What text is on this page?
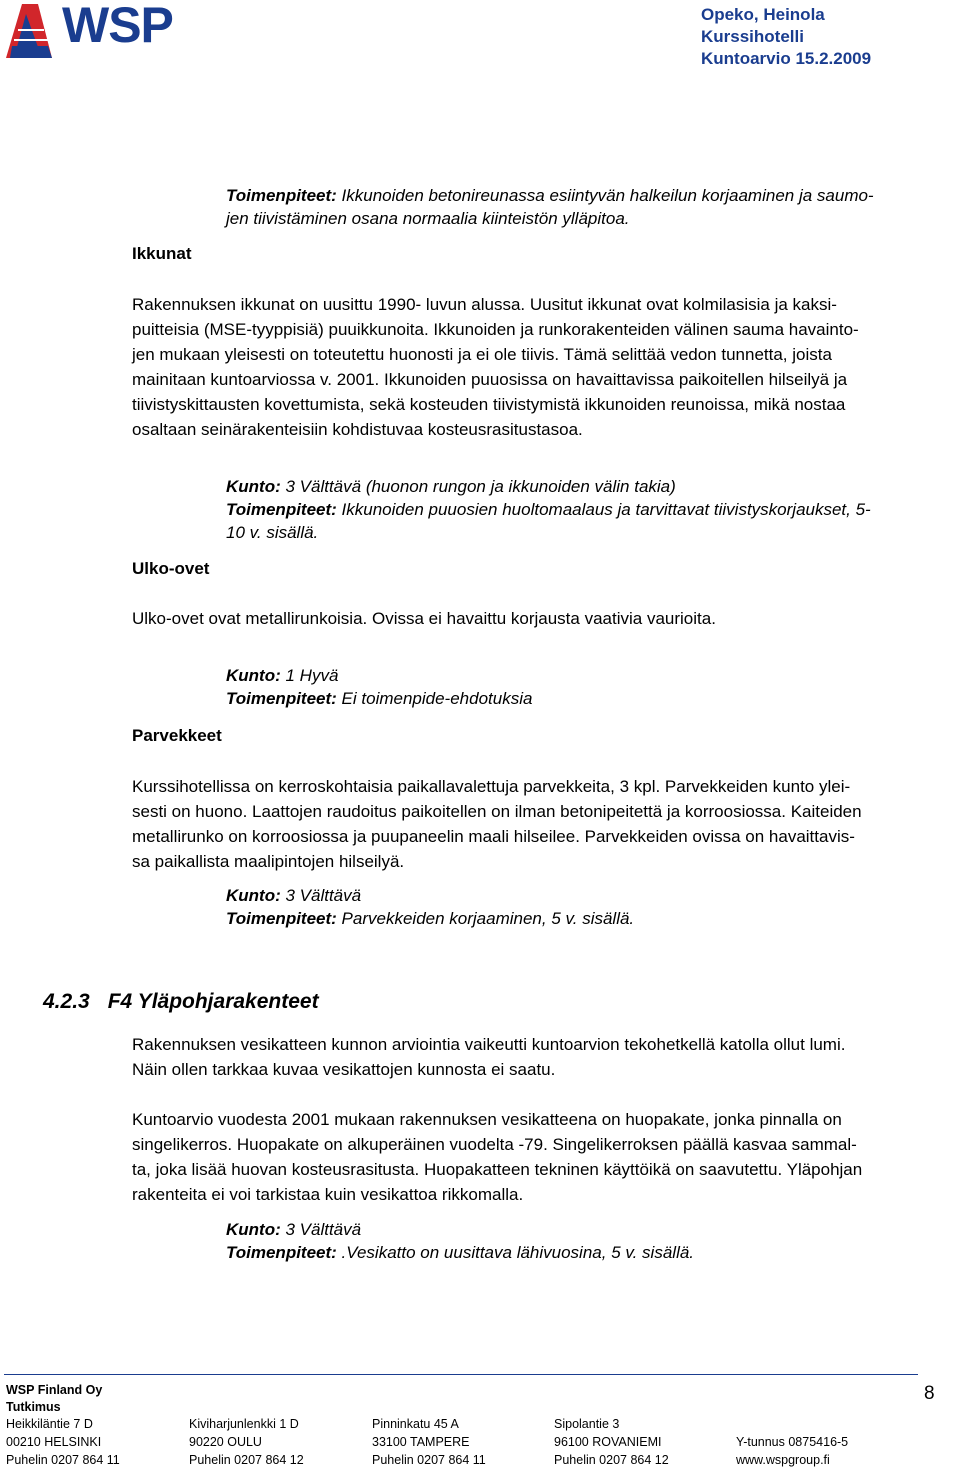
WSP	Opeko, Heinola
Kurssihotelli
Kuntoarvio 15.2.2009
Toimenpiteet: Ikkunoiden betonireunassa esiintyvän halkeilun korjaaminen ja saumo-
jen tiivistäminen osana normaalia kiinteistön ylläpitoa.
Ikkunat
Rakennuksen ikkunat on uusittu 1990- luvun alussa. Uusitut ikkunat ovat kolmilasisia ja kaksi-
puitteisia (MSE-tyyppisiä) puuikkunoita. Ikkunoiden ja runkorakenteiden välinen sauma havainto-
jen mukaan yleisesti on toteutettu huonosti ja ei ole tiivis. Tämä selittää vedon tunnetta, joista
mainitaan kuntoarviossa v. 2001. Ikkunoiden puuosissa on havaittavissa paikoitellen hilseilyä ja
tiivistyskittausten kovettumista, sekä kosteuden tiivistymistä ikkunoiden reunoissa, mikä nostaa
osaltaan seinärakenteisiin kohdistuvaa kosteusrasitustasoa.
Kunto: 3 Välttävä (huonon rungon ja ikkunoiden välin takia)
Toimenpiteet: Ikkunoiden puuosien huoltomaalaus ja tarvittavat tiivistyskorjaukset, 5-
10 v. sisällä.
Ulko-ovet
Ulko-ovet ovat metallirunkoisia. Ovissa ei havaittu korjausta vaativia vaurioita.
Kunto: 1 Hyvä
Toimenpiteet: Ei toimenpide-ehdotuksia
Parvekkeet
Kurssihotellissa on kerroskohtaisia paikallavalettuja parvekkeita, 3 kpl. Parvekkeiden kunto ylei-
sesti on huono. Laattojen raudoitus paikoitellen on ilman betonipeitettä ja korroosiossa. Kaiteiden
metallirunko on korroosiossa ja puupaneelin maali hilseilee. Parvekkeiden ovissa on havaittavis-
sa paikallista maalipintojen hilseilyä.
Kunto: 3 Välttävä
Toimenpiteet: Parvekkeiden korjaaminen, 5 v. sisällä.
4.2.3 F4 Yläpohjarakenteet
Rakennuksen vesikatteen kunnon arviointia vaikeutti kuntoarvion tekohetkellä katolla ollut lumi.
Näin ollen tarkkaa kuvaa vesikattojen kunnosta ei saatu.
Kuntoarvio vuodesta 2001 mukaan rakennuksen vesikatteena on huopakate, jonka pinnalla on
singelikerros. Huopakate on alkuperäinen vuodelta -79. Singelikerroksen päällä kasvaa sammal-
ta, joka lisää huovan kosteusrasitusta. Huopakatteen tekninen käyttöikä on saavutettu. Yläpohjan
rakenteita ei voi tarkistaa kuin vesikattoa rikkomalla.
Kunto: 3 Välttävä
Toimenpiteet: .Vesikatto on uusittava lähivuosina, 5 v. sisällä.
WSP Finland Oy
Tutkimus
8
Heikkiläntie 7 D
00210 HELSINKI
Puhelin 0207 864 11
Kiviharjunlenkki 1 D
90220 OULU
Puhelin 0207 864 12
Pinninkatu 45 A
33100 TAMPERE
Puhelin 0207 864 11
Sipolantie 3
96100 ROVANIEMI
Puhelin 0207 864 12
Y-tunnus 0875416-5
www.wspgroup.fi
